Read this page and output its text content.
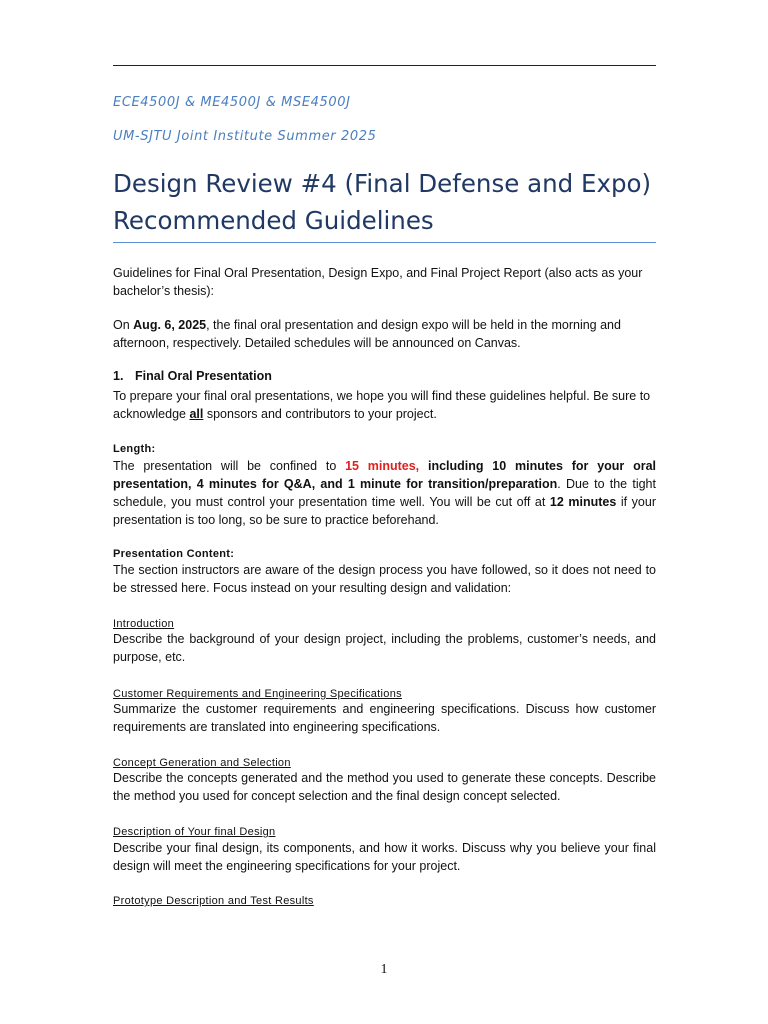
ECE4500J & ME4500J & MSE4500J
UM-SJTU Joint Institute Summer 2025
Design Review #4 (Final Defense and Expo) Recommended Guidelines
Guidelines for Final Oral Presentation, Design Expo, and Final Project Report (also acts as your bachelor’s thesis):
On Aug. 6, 2025, the final oral presentation and design expo will be held in the morning and afternoon, respectively. Detailed schedules will be announced on Canvas.
1. Final Oral Presentation
To prepare your final oral presentations, we hope you will find these guidelines helpful. Be sure to acknowledge all sponsors and contributors to your project.
Length:
The presentation will be confined to 15 minutes, including 10 minutes for your oral presentation, 4 minutes for Q&A, and 1 minute for transition/preparation. Due to the tight schedule, you must control your presentation time well. You will be cut off at 12 minutes if your presentation is too long, so be sure to practice beforehand.
Presentation Content:
The section instructors are aware of the design process you have followed, so it does not need to be stressed here. Focus instead on your resulting design and validation:
Introduction
Describe the background of your design project, including the problems, customer’s needs, and purpose, etc.
Customer Requirements and Engineering Specifications
Summarize the customer requirements and engineering specifications. Discuss how customer requirements are translated into engineering specifications.
Concept Generation and Selection
Describe the concepts generated and the method you used to generate these concepts. Describe the method you used for concept selection and the final design concept selected.
Description of Your final Design
Describe your final design, its components, and how it works. Discuss why you believe your final design will meet the engineering specifications for your project.
Prototype Description and Test Results
1
